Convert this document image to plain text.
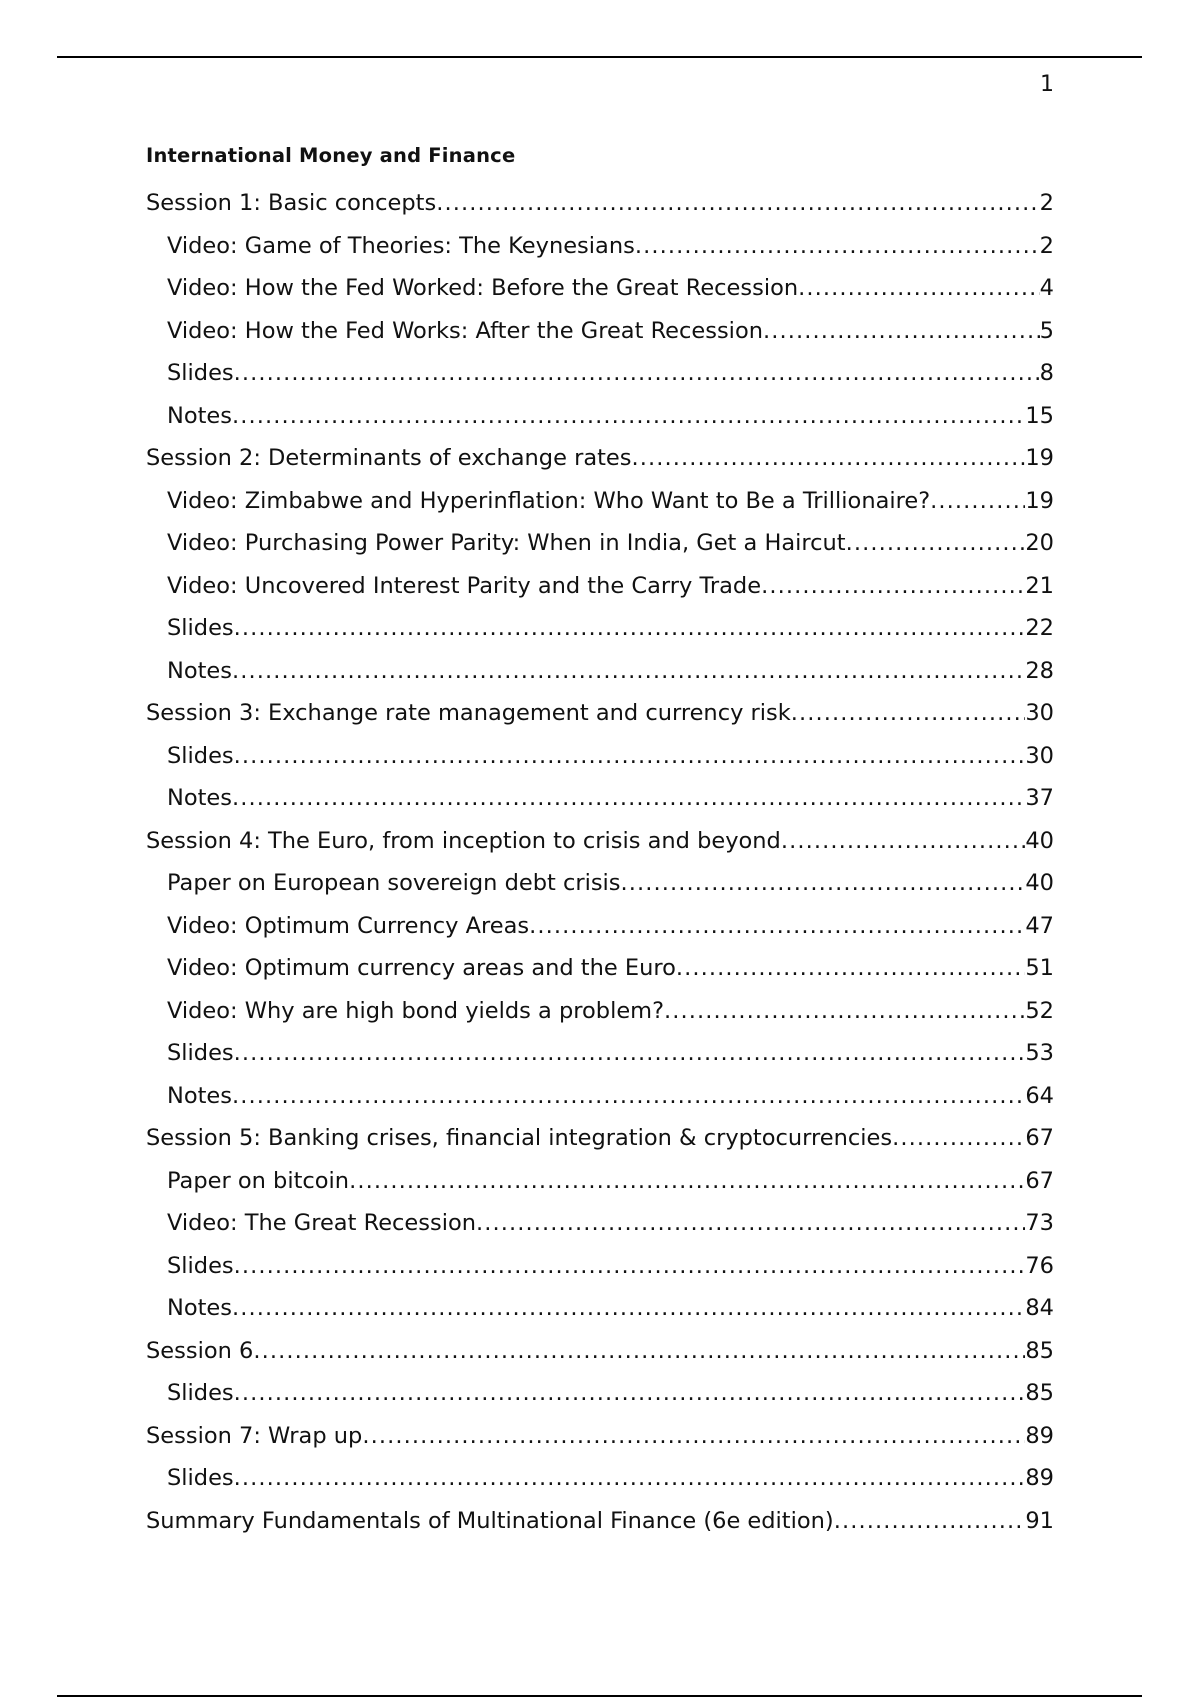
1
International Money and Finance
Session 1: Basic concepts .....	2
Video: Game of Theories: The Keynesians .....	2
Video: How the Fed Worked: Before the Great Recession .....	4
Video: How the Fed Works: After the Great Recession .....	5
Slides .....	8
Notes .....	15
Session 2: Determinants of exchange rates .....	19
Video: Zimbabwe and Hyperinflation: Who Want to Be a Trillionaire? .....	19
Video: Purchasing Power Parity: When in India, Get a Haircut .....	20
Video: Uncovered Interest Parity and the Carry Trade .....	21
Slides .....	22
Notes .....	28
Session 3: Exchange rate management and currency risk .....	30
Slides .....	30
Notes .....	37
Session 4: The Euro, from inception to crisis and beyond .....	40
Paper on European sovereign debt crisis .....	40
Video: Optimum Currency Areas .....	47
Video: Optimum currency areas and the Euro .....	51
Video: Why are high bond yields a problem? .....	52
Slides .....	53
Notes .....	64
Session 5: Banking crises, financial integration & cryptocurrencies .....	67
Paper on bitcoin .....	67
Video: The Great Recession .....	73
Slides .....	76
Notes .....	84
Session 6 .....	85
Slides .....	85
Session 7: Wrap up .....	89
Slides .....	89
Summary Fundamentals of Multinational Finance (6e edition) .....	91
